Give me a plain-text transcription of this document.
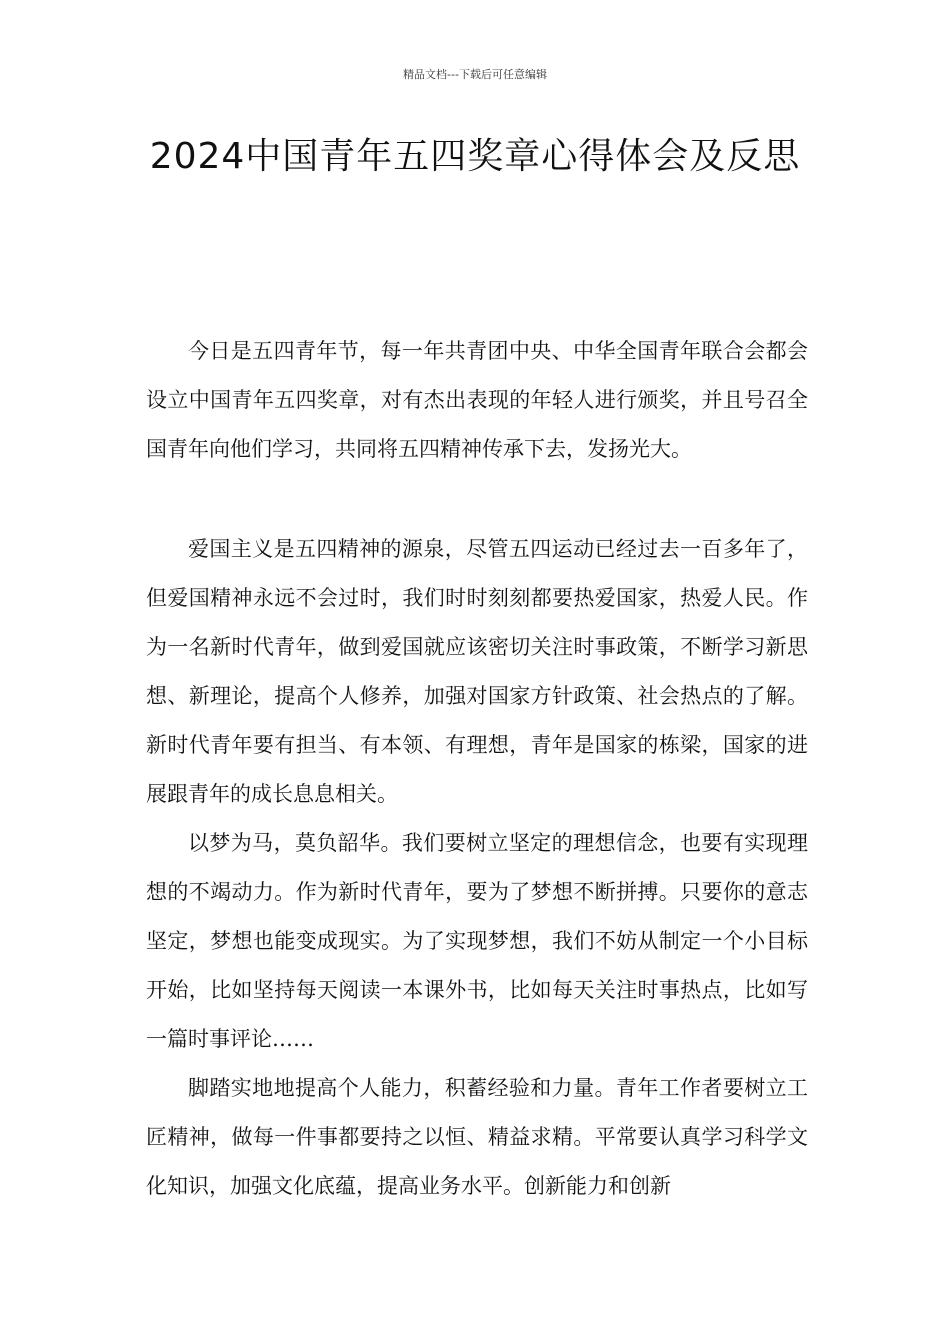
精品文档---下载后可任意编辑
2024中国青年五四奖章心得体会及反思

今日是五四青年节，每一年共青团中央、中华全国青年联合会都会设立中国青年五四奖章，对有杰出表现的年轻人进行颁奖，并且号召全国青年向他们学习，共同将五四精神传承下去，发扬光大。

爱国主义是五四精神的源泉，尽管五四运动已经过去一百多年了，但爱国精神永远不会过时，我们时时刻刻都要热爱国家，热爱人民。作为一名新时代青年，做到爱国就应该密切关注时事政策，不断学习新思想、新理论，提高个人修养，加强对国家方针政策、社会热点的了解。新时代青年要有担当、有本领、有理想，青年是国家的栋梁，国家的进展跟青年的成长息息相关。

以梦为马，莫负韶华。我们要树立坚定的理想信念，也要有实现理想的不竭动力。作为新时代青年，要为了梦想不断拼搏。只要你的意志坚定，梦想也能变成现实。为了实现梦想，我们不妨从制定一个小目标开始，比如坚持每天阅读一本课外书，比如每天关注时事热点，比如写一篇时事评论……

脚踏实地地提高个人能力，积蓄经验和力量。青年工作者要树立工匠精神，做每一件事都要持之以恒、精益求精。平常要认真学习科学文化知识，加强文化底蕴，提高业务水平。创新能力和创新
